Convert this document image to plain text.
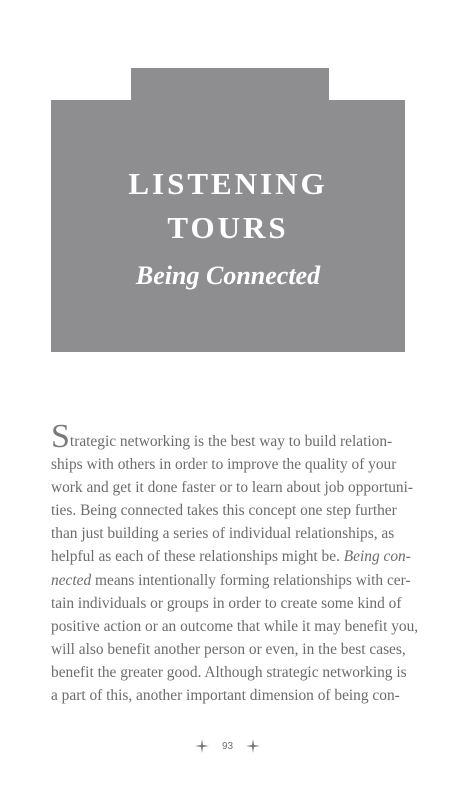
LISTENING
TOURS
Being Connected
Strategic networking is the best way to build relation-
ships with others in order to improve the quality of your
work and get it done faster or to learn about job opportuni-
ties. Being connected takes this concept one step further
than just building a series of individual relationships, as
helpful as each of these relationships might be. Being con-
nected means intentionally forming relationships with cer-
tain individuals or groups in order to create some kind of
positive action or an outcome that while it may benefit you,
will also benefit another person or even, in the best cases,
benefit the greater good. Although strategic networking is
a part of this, another important dimension of being con-
93
